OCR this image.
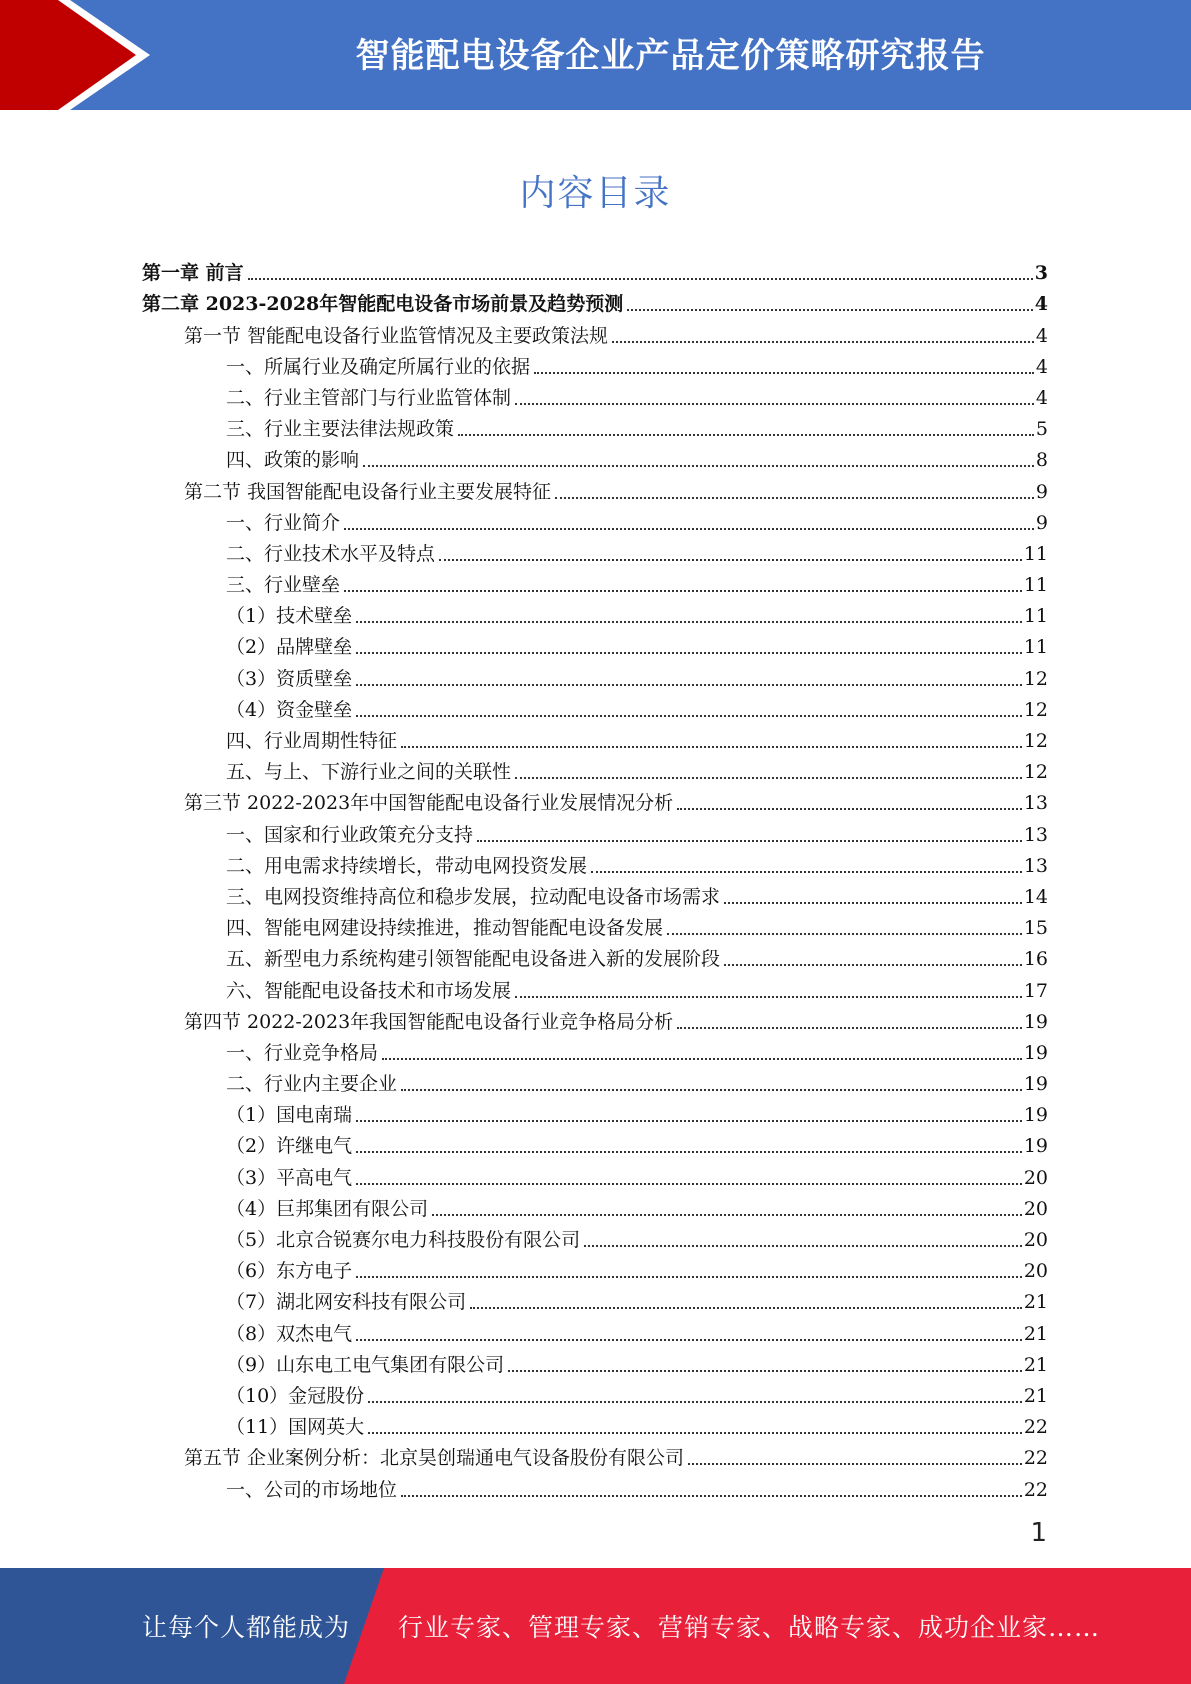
智能配电设备企业产品定价策略研究报告
内容目录
第一章 前言	3
第二章 2023-2028年智能配电设备市场前景及趋势预测	4
第一节 智能配电设备行业监管情况及主要政策法规	4
一、所属行业及确定所属行业的依据	4
二、行业主管部门与行业监管体制	4
三、行业主要法律法规政策	5
四、政策的影响	8
第二节 我国智能配电设备行业主要发展特征	9
一、行业简介	9
二、行业技术水平及特点	11
三、行业壁垒	11
（1）技术壁垒	11
（2）品牌壁垒	11
（3）资质壁垒	12
（4）资金壁垒	12
四、行业周期性特征	12
五、与上、下游行业之间的关联性	12
第三节 2022-2023年中国智能配电设备行业发展情况分析	13
一、国家和行业政策充分支持	13
二、用电需求持续增长，带动电网投资发展	13
三、电网投资维持高位和稳步发展，拉动配电设备市场需求	14
四、智能电网建设持续推进，推动智能配电设备发展	15
五、新型电力系统构建引领智能配电设备进入新的发展阶段	16
六、智能配电设备技术和市场发展	17
第四节 2022-2023年我国智能配电设备行业竞争格局分析	19
一、行业竞争格局	19
二、行业内主要企业	19
（1）国电南瑞	19
（2）许继电气	19
（3）平高电气	20
（4）巨邦集团有限公司	20
（5）北京合锐赛尔电力科技股份有限公司	20
（6）东方电子	20
（7）湖北网安科技有限公司	21
（8）双杰电气	21
（9）山东电工电气集团有限公司	21
（10）金冠股份	21
（11）国网英大	22
第五节 企业案例分析：北京昊创瑞通电气设备股份有限公司	22
一、公司的市场地位	22
1
让每个人都能成为 行业专家、管理专家、营销专家、战略专家、成功企业家……
